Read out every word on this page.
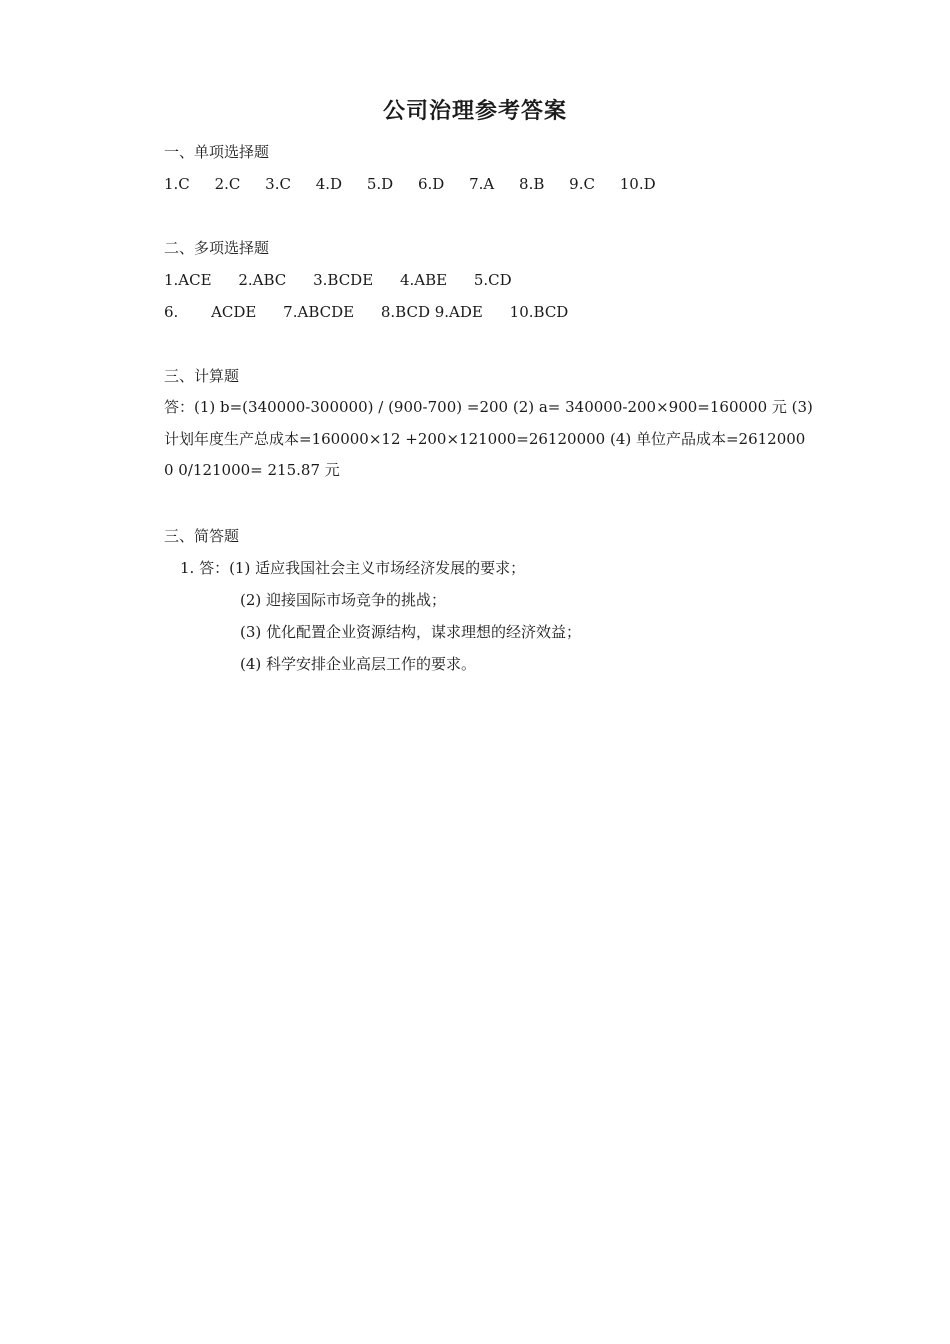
公司治理参考答案
一、单项选择题
1.C 2.C 3.C 4.D 5.D 6.D 7.A 8.B 9.C 10.D
二、多项选择题
1.ACE 2.ABC 3.BCDE 4.ABE 5.CD
6. ACDE 7.ABCDE 8.BCD 9.ADE 10.BCD
三、计算题
答：(1) b=(340000-300000) / (900-700) =200 (2) a= 340000-200×900=160000 元 (3) 计划年度生产总成本=160000×12 +200×121000=26120000 (4) 单位产品成本=26120000 0/121000= 215.87 元
三、简答题
1. 答：(1) 适应我国社会主义市场经济发展的要求；
(2) 迎接国际市场竞争的挑战；
(3) 优化配置企业资源结构，谋求理想的经济效益；
(4) 科学安排企业高层工作的要求。
